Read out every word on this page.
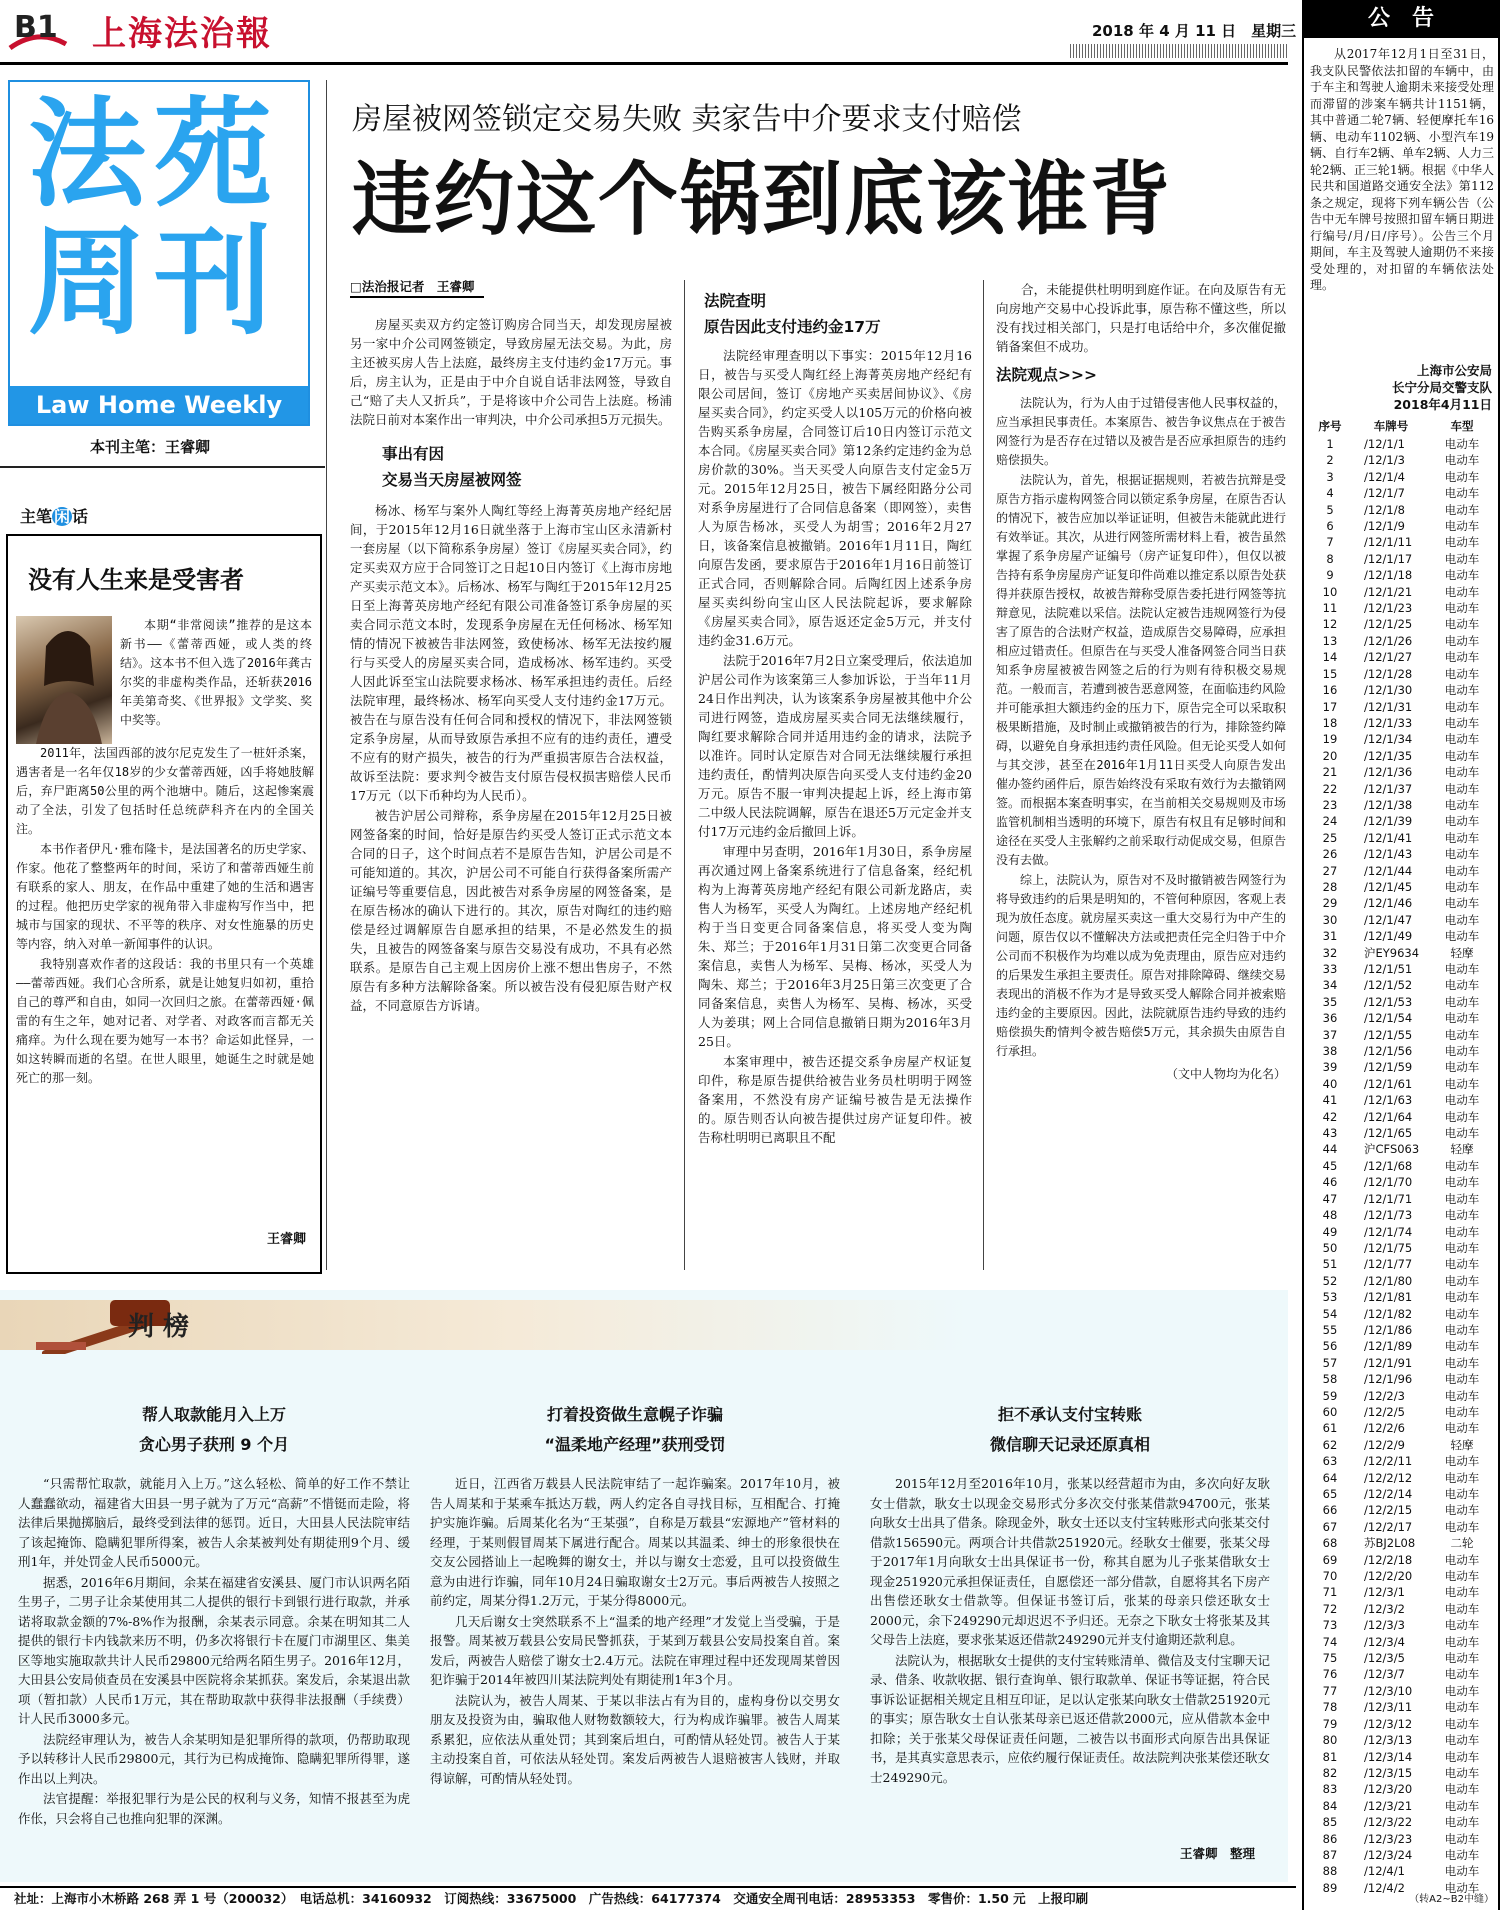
B1 上海法治報	2018 年 4 月 11 日　星期三
法苑
周刊
Law Home Weekly
本刊主笔：王睿卿
房屋被网签锁定交易失败 卖家告中介要求支付赔偿
违约这个锅到底该谁背
□法治报记者　王睿卿
房屋买卖双方约定签订购房合同当天，却发现房屋被另一家中介公司网签锁定，导致房屋无法交易。为此，房主还被买房人告上法庭，最终房主支付违约金17万元。事后，房主认为，正是由于中介自说自话非法网签，导致自己“赔了夫人又折兵”，于是将该中介公司告上法庭。杨浦法院日前对本案作出一审判决，中介公司承担5万元损失。
事出有因
交易当天房屋被网签
杨冰、杨军与案外人陶红等经上海菁英房地产经纪居间，于2015年12月16日就坐落于上海市宝山区永清新村一套房屋（以下简称系争房屋）签订《房屋买卖合同》，约定买卖双方应于合同签订之日起10日内签订《上海市房地产买卖示范文本》。后杨冰、杨军与陶红于2015年12月25日至上海菁英房地产经纪有限公司准备签订系争房屋的买卖合同示范文本时，发现系争房屋在无任何杨冰、杨军知情的情况下被被告非法网签，致使杨冰、杨军无法按约履行与买受人的房屋买卖合同，造成杨冰、杨军违约。买受人因此诉至宝山法院要求杨冰、杨军承担违约责任。后经法院审理，最终杨冰、杨军向买受人支付违约金17万元。被告在与原告没有任何合同和授权的情况下，非法网签锁定系争房屋，从而导致原告承担不应有的违约责任，遭受不应有的财产损失，被告的行为严重损害原告合法权益，故诉至法院：要求判令被告支付原告侵权损害赔偿人民币17万元（以下币种均为人民币）。
被告沪居公司辩称，系争房屋在2015年12月25日被网签备案的时间，恰好是原告约买受人签订正式示范文本合同的日子，这个时间点若不是原告告知，沪居公司是不可能知道的。其次，沪居公司不可能自行获得备案所需产证编号等重要信息，因此被告对系争房屋的网签备案，是在原告杨冰的确认下进行的。其次，原告对陶红的违约赔偿是经过调解原告自愿承担的结果，不是必然发生的损失，且被告的网签备案与原告交易没有成功，不具有必然联系。是原告自己主观上因房价上涨不想出售房子，不然原告有多种方法解除备案。所以被告没有侵犯原告财产权益，不同意原告方诉请。
法院查明
原告因此支付违约金17万
法院经审理查明以下事实：2015年12月16日，被告与买受人陶红经上海菁英房地产经纪有限公司居间，签订《房地产买卖居间协议》、《房屋买卖合同》，约定买受人以105万元的价格向被告购买系争房屋，合同签订后10日内签订示范文本合同。《房屋买卖合同》第12条约定违约金为总房价款的30%。当天买受人向原告支付定金5万元。2015年12月25日，被告下属经阳路分公司对系争房屋进行了合同信息备案（即网签），卖售人为原告杨冰，买受人为胡雪；2016年2月27日，该备案信息被撤销。2016年1月11日，陶红向原告发函，要求原告于2016年1月16日前签订正式合同，否则解除合同。后陶红因上述系争房屋买卖纠纷向宝山区人民法院起诉，要求解除《房屋买卖合同》，原告返还定金5万元，并支付违约金31.6万元。
法院于2016年7月2日立案受理后，依法追加沪居公司作为该案第三人参加诉讼，于当年11月24日作出判决，认为该案系争房屋被其他中介公司进行网签，造成房屋买卖合同无法继续履行，陶红要求解除合同并适用违约金的请求，法院予以准许。同时认定原告对合同无法继续履行承担违约责任，酌情判决原告向买受人支付违约金20万元。原告不服一审判决提起上诉，经上海市第二中级人民法院调解，原告在退还5万元定金并支付17万元违约金后撤回上诉。
审理中另查明，2016年1月30日，系争房屋再次通过网上备案系统进行了信息备案，经纪机构为上海菁英房地产经纪有限公司新龙路店，卖售人为杨军，买受人为陶红。上述房地产经纪机构于当日变更合同备案信息，将买受人变为陶朱、郑兰；于2016年1月31日第二次变更合同备案信息，卖售人为杨军、吴梅、杨冰，买受人为陶朱、郑兰；于2016年3月25日第三次变更了合同备案信息，卖售人为杨军、吴梅、杨冰，买受人为姜琪；网上合同信息撤销日期为2016年3月25日。
本案审理中，被告还提交系争房屋产权证复印件，称是原告提供给被告业务员杜明明于网签备案用，不然没有房产证编号被告是无法操作的。原告则否认向被告提供过房产证复印件。被告称杜明明已离职且不配
合，未能提供杜明明到庭作证。在向及原告有无向房地产交易中心投诉此事，原告称不懂这些，所以没有找过相关部门，只是打电话给中介，多次催促撤销备案但不成功。
法院观点>>>
法院认为，行为人由于过错侵害他人民事权益的，应当承担民事责任。本案原告、被告争议焦点在于被告网签行为是否存在过错以及被告是否应承担原告的违约赔偿损失。
法院认为，首先，根据证据规则，若被告抗辩是受原告方指示虚构网签合同以锁定系争房屋，在原告否认的情况下，被告应加以举证证明，但被告未能就此进行有效举证。其次，从进行网签所需材料上看，被告虽然掌握了系争房屋产证编号（房产证复印件），但仅以被告持有系争房屋房产证复印件尚难以推定系以原告处获得并获原告授权，故被告辩称受原告委托进行网签等抗辩意见，法院难以采信。法院认定被告违规网签行为侵害了原告的合法财产权益，造成原告交易障碍，应承担相应过错责任。但原告在与买受人准备网签合同当日获知系争房屋被被告网签之后的行为则有待积极交易规范。一般而言，若遭到被告恶意网签，在面临违约风险并可能承担大额违约金的压力下，原告完全可以采取积极果断措施，及时制止或撤销被告的行为，排除签约障碍，以避免自身承担违约责任风险。但无论买受人如何与其交涉，甚至在2016年1月11日买受人向原告发出催办签约函件后，原告始终没有采取有效行为去撤销网签。而根据本案查明事实，在当前相关交易规则及市场监管机制相当透明的环境下，原告有权且有足够时间和途径在买受人主张解约之前采取行动促成交易，但原告没有去做。
综上，法院认为，原告对不及时撤销被告网签行为将导致违约的后果是明知的，不管何种原因，客观上表现为放任态度。就房屋买卖这一重大交易行为中产生的问题，原告仅以不懂解决方法或把责任完全归咎于中介公司而不积极作为均难以成为免责理由，原告应对违约的后果发生承担主要责任。原告对排除障碍、继续交易表现出的消极不作为才是导致买受人解除合同并被索赔违约金的主要原因。因此，法院就原告违约导致的违约赔偿损失酌情判令被告赔偿5万元，其余损失由原告自行承担。
（文中人物均为化名）
主笔 闲 话
没有人生来是受害者
本期“非常阅读”推荐的是这本新书——《蕾蒂西娅，或人类的终结》。这本书不但入选了2016年龚古尔奖的非虚构类作品，还斩获2016年美第奇奖、《世界报》文学奖、奖中奖等。
2011年，法国西部的波尔尼克发生了一桩奸杀案，遇害者是一名年仅18岁的少女蕾蒂西娅，凶手将她肢解后，弃尸距离50公里的两个池塘中。随后，这起惨案震动了全法，引发了包括时任总统萨科齐在内的全国关注。
本书作者伊凡·雅布隆卡，是法国著名的历史学家、作家。他花了整整两年的时间，采访了和蕾蒂西娅生前有联系的家人、朋友，在作品中重建了她的生活和遇害的过程。他把历史学家的视角带入非虚构写作当中，把城市与国家的现状、不平等的秩序、对女性施暴的历史等内容，纳入对单一新闻事件的认识。
我特别喜欢作者的这段话：我的书里只有一个英雄——蕾蒂西娅。我们心含所系，就是让她复归如初，重拾自己的尊严和自由，如同一次回归之旅。在蕾蒂西娅·佩雷的有生之年，她对记者、对学者、对政客而言都无关痛痒。为什么现在要为她写一本书？命运如此怪异，一如这转瞬而逝的名望。在世人眼里，她诞生之时就是她死亡的那一刻。
王睿卿
公　告
从2017年12月1日至31日，我支队民警依法扣留的车辆中，由于车主和驾驶人逾期未来接受处理而滞留的涉案车辆共计1151辆，其中普通二轮7辆、轻便摩托车16辆、电动车1102辆、小型汽车19辆、自行车2辆、单车2辆、人力三轮2辆、正三轮1辆。根据《中华人民共和国道路交通安全法》第112条之规定，现将下列车辆公告（公告中无车牌号按照扣留车辆日期进行编号/月/日/序号）。公告三个月期间，车主及驾驶人逾期仍不来接受处理的，对扣留的车辆依法处理。
上海市公安局
长宁分局交警支队
2018年4月11日
序号	车牌号	车型
1	/12/1/1	电动车
2	/12/1/3	电动车
3	/12/1/4	电动车
4	/12/1/7	电动车
5	/12/1/8	电动车
6	/12/1/9	电动车
7	/12/1/11	电动车
8	/12/1/17	电动车
9	/12/1/18	电动车
10	/12/1/21	电动车
11	/12/1/23	电动车
12	/12/1/25	电动车
13	/12/1/26	电动车
14	/12/1/27	电动车
15	/12/1/28	电动车
16	/12/1/30	电动车
17	/12/1/31	电动车
18	/12/1/33	电动车
19	/12/1/34	电动车
20	/12/1/35	电动车
21	/12/1/36	电动车
22	/12/1/37	电动车
23	/12/1/38	电动车
24	/12/1/39	电动车
25	/12/1/41	电动车
26	/12/1/43	电动车
27	/12/1/44	电动车
28	/12/1/45	电动车
29	/12/1/46	电动车
30	/12/1/47	电动车
31	/12/1/49	电动车
32	沪EY9634	轻摩
33	/12/1/51	电动车
34	/12/1/52	电动车
35	/12/1/53	电动车
36	/12/1/54	电动车
37	/12/1/55	电动车
38	/12/1/56	电动车
39	/12/1/59	电动车
40	/12/1/61	电动车
41	/12/1/63	电动车
42	/12/1/64	电动车
43	/12/1/65	电动车
44	沪CFS063	轻摩
45	/12/1/68	电动车
46	/12/1/70	电动车
47	/12/1/71	电动车
48	/12/1/73	电动车
49	/12/1/74	电动车
50	/12/1/75	电动车
51	/12/1/77	电动车
52	/12/1/80	电动车
53	/12/1/81	电动车
54	/12/1/82	电动车
55	/12/1/86	电动车
56	/12/1/89	电动车
57	/12/1/91	电动车
58	/12/1/96	电动车
59	/12/2/3	电动车
60	/12/2/5	电动车
61	/12/2/6	电动车
62	/12/2/9	轻摩
63	/12/2/11	电动车
64	/12/2/12	电动车
65	/12/2/14	电动车
66	/12/2/15	电动车
67	/12/2/17	电动车
68	苏BJ2L08	二轮
69	/12/2/18	电动车
70	/12/2/20	电动车
71	/12/3/1	电动车
72	/12/3/2	电动车
73	/12/3/3	电动车
74	/12/3/4	电动车
75	/12/3/5	电动车
76	/12/3/7	电动车
77	/12/3/10	电动车
78	/12/3/11	电动车
79	/12/3/12	电动车
80	/12/3/13	电动车
81	/12/3/14	电动车
82	/12/3/15	电动车
83	/12/3/20	电动车
84	/12/3/21	电动车
85	/12/3/22	电动车
86	/12/3/23	电动车
87	/12/3/24	电动车
88	/12/4/1	电动车
89	/12/4/2	电动车
（转A2~B2中缝）
判 榜
帮人取款能月入上万
贪心男子获刑 9 个月
“只需帮忙取款，就能月入上万。”这么轻松、简单的好工作不禁让人蠢蠢欲动，福建省大田县一男子就为了万元“高薪”不惜铤而走险，将法律后果抛掷脑后，最终受到法律的惩罚。近日，大田县人民法院审结了该起掩饰、隐瞒犯罪所得案，被告人余某被判处有期徒刑9个月、缓刑1年，并处罚金人民币5000元。
据悉，2016年6月期间，余某在福建省安溪县、厦门市认识两名陌生男子，二男子让余某使用其二人提供的银行卡到银行进行取款，并承诺将取款金额的7%-8%作为报酬，余某表示同意。余某在明知其二人提供的银行卡内钱款来历不明，仍多次将银行卡在厦门市湖里区、集美区等地实施取款共计人民币29800元给两名陌生男子。2016年12月，大田县公安局侦查员在安溪县中医院将余某抓获。案发后，余某退出款项（暂扣款）人民币1万元，其在帮助取款中获得非法报酬（手续费）计人民币3000多元。
法院经审理认为，被告人余某明知是犯罪所得的款项，仍帮助取现予以转移计人民币29800元，其行为已构成掩饰、隐瞒犯罪所得罪，遂作出以上判决。
法官提醒：举报犯罪行为是公民的权利与义务，知情不报甚至为虎作伥，只会将自己也推向犯罪的深渊。
打着投资做生意幌子诈骗
“温柔地产经理”获刑受罚
近日，江西省万载县人民法院审结了一起诈骗案。2017年10月，被告人周某和于某乘车抵达万载，两人约定各自寻找目标，互相配合、打掩护实施诈骗。后周某化名为“王某强”，自称是万载县“宏源地产”管材料的经理，于某则假冒周某下属进行配合。周某以其温柔、绅士的形象很快在交友公园搭讪上一起晚舞的谢女士，并以与谢女士恋爱，且可以投资做生意为由进行诈骗，同年10月24日骗取谢女士2万元。事后两被告人按照之前约定，周某分得1.2万元，于某分得8000元。
几天后谢女士突然联系不上“温柔的地产经理”才发觉上当受骗，于是报警。周某被万载县公安局民警抓获，于某到万载县公安局投案自首。案发后，两被告人赔偿了谢女士2.4万元。法院在审理过程中还发现周某曾因犯诈骗于2014年被四川某法院判处有期徒刑1年3个月。
法院认为，被告人周某、于某以非法占有为目的，虚构身份以交男女朋友及投资为由，骗取他人财物数额较大，行为构成诈骗罪。被告人周某系累犯，应依法从重处罚；其到案后坦白，可酌情从轻处罚。被告人于某主动投案自首，可依法从轻处罚。案发后两被告人退赔被害人钱财，并取得谅解，可酌情从轻处罚。
拒不承认支付宝转账
微信聊天记录还原真相
2015年12月至2016年10月，张某以经营超市为由，多次向好友耿女士借款，耿女士以现金交易形式分多次交付张某借款94700元，张某向耿女士出具了借条。除现金外，耿女士还以支付宝转账形式向张某交付借款156590元。两项合计共借款251920元。经耿女士催要，张某父母于2017年1月向耿女士出具保证书一份，称其自愿为儿子张某借耿女士现金251920元承担保证责任，自愿偿还一部分借款，自愿将其名下房产出售偿还耿女士借款等。但保证书签订后，张某的母亲只偿还耿女士2000元，余下249290元却迟迟不予归还。无奈之下耿女士将张某及其父母告上法庭，要求张某返还借款249290元并支付逾期还款利息。
法院认为，根据耿女士提供的支付宝转账清单、微信及支付宝聊天记录、借条、收款收据、银行查询单、银行取款单、保证书等证据，符合民事诉讼证据相关规定且相互印证，足以认定张某向耿女士借款251920元的事实；原告耿女士自认张某母亲已返还借款2000元，应从借款本金中扣除；关于张某父母保证责任问题，二被告以书面形式向原告出具保证书，是其真实意思表示，应依约履行保证责任。故法院判决张某偿还耿女士249290元。
王睿卿　整理
社址：上海市小木桥路 268 弄 1 号（200032）　电话总机：34160932　订阅热线：33675000　广告热线：64177374　交通安全周刊电话：28953353　零售价：1.50 元　上报印刷
